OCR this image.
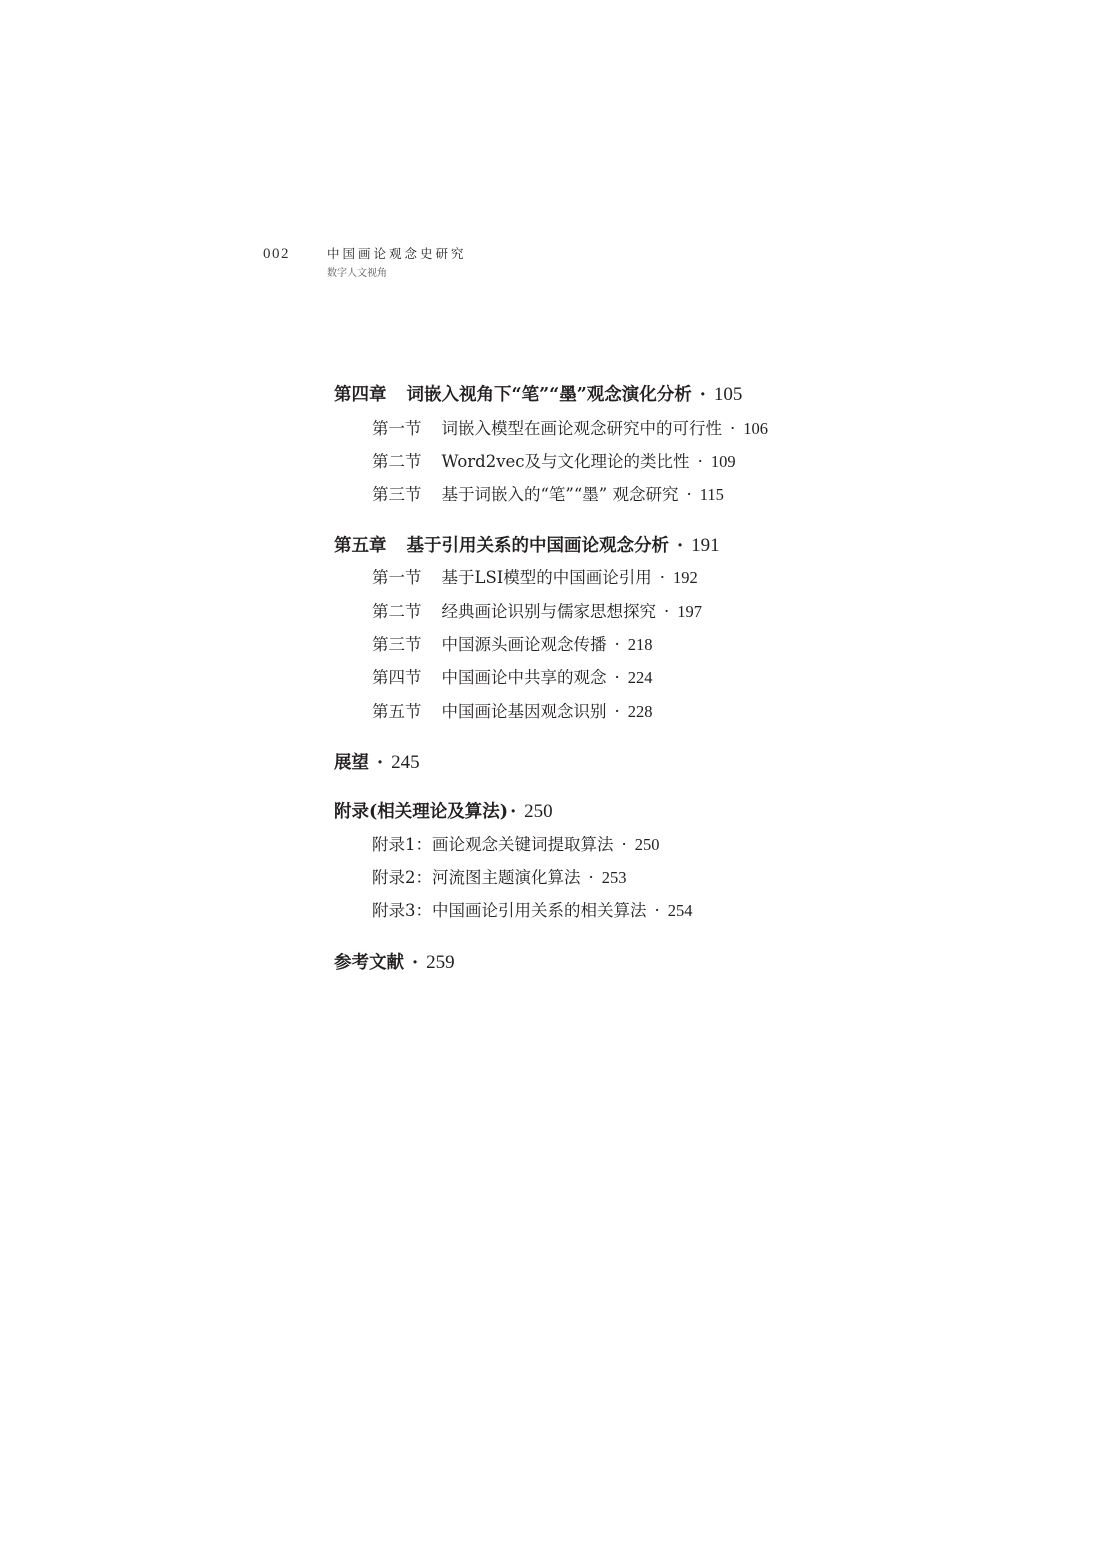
002	中国画论观念史研究
数字人文视角
第四章 词嵌入视角下“笔”“墨”观念演化分析 · 105
第一节 词嵌入模型在画论观念研究中的可行性 · 106
第二节 Word2vec及与文化理论的类比性 · 109
第三节 基于词嵌入的“笔”“墨” 观念研究 · 115
第五章 基于引用关系的中国画论观念分析 · 191
第一节 基于LSI模型的中国画论引用 · 192
第二节 经典画论识别与儒家思想探究 · 197
第三节 中国源头画论观念传播 · 218
第四节 中国画论中共享的观念 · 224
第五节 中国画论基因观念识别 · 228
展望 · 245
附录(相关理论及算法) · 250
附录1：画论观念关键词提取算法 · 250
附录2：河流图主题演化算法 · 253
附录3：中国画论引用关系的相关算法 · 254
参考文献 · 259
